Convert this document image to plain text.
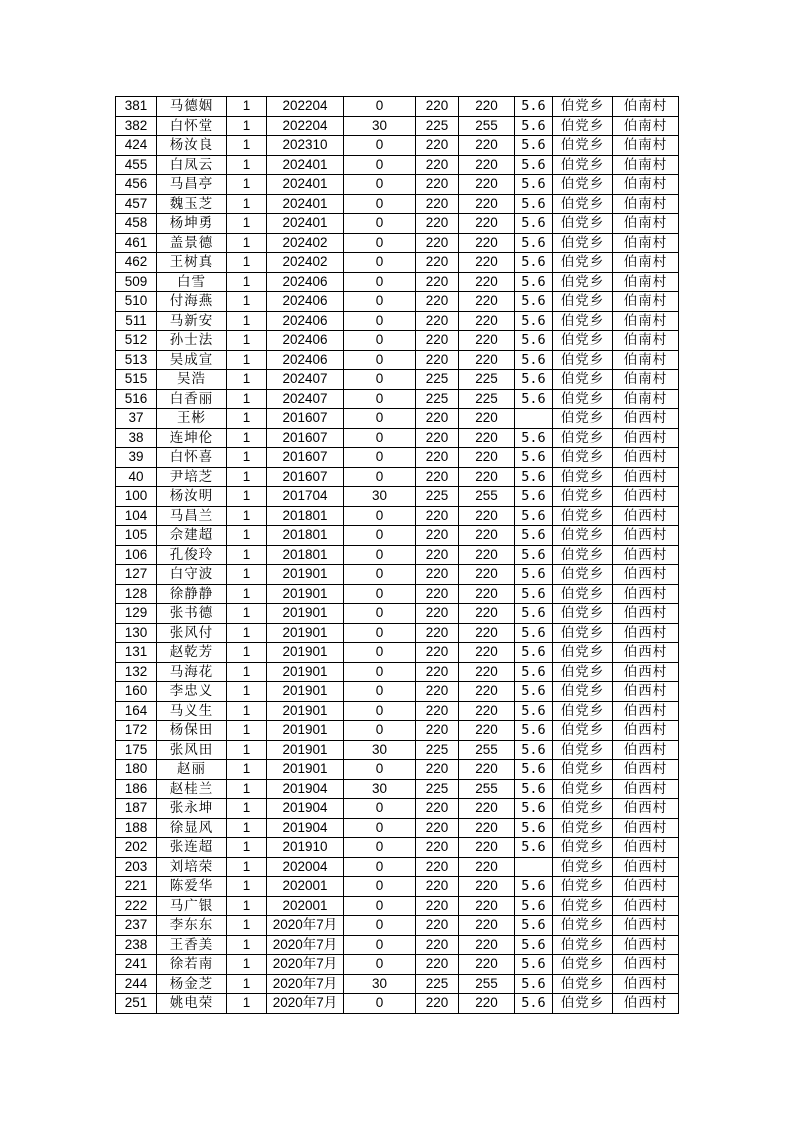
381	马德姻	1	202204	0	220	220	5.6	伯党乡	伯南村
382	白怀堂	1	202204	30	225	255	5.6	伯党乡	伯南村
424	杨汝良	1	202310	0	220	220	5.6	伯党乡	伯南村
455	白凤云	1	202401	0	220	220	5.6	伯党乡	伯南村
456	马昌亭	1	202401	0	220	220	5.6	伯党乡	伯南村
457	魏玉芝	1	202401	0	220	220	5.6	伯党乡	伯南村
458	杨坤勇	1	202401	0	220	220	5.6	伯党乡	伯南村
461	盖景德	1	202402	0	220	220	5.6	伯党乡	伯南村
462	王树真	1	202402	0	220	220	5.6	伯党乡	伯南村
509	白雪	1	202406	0	220	220	5.6	伯党乡	伯南村
510	付海燕	1	202406	0	220	220	5.6	伯党乡	伯南村
511	马新安	1	202406	0	220	220	5.6	伯党乡	伯南村
512	孙士法	1	202406	0	220	220	5.6	伯党乡	伯南村
513	吴成宣	1	202406	0	220	220	5.6	伯党乡	伯南村
515	吴浩	1	202407	0	225	225	5.6	伯党乡	伯南村
516	白香丽	1	202407	0	225	225	5.6	伯党乡	伯南村
37	王彬	1	201607	0	220	220		伯党乡	伯西村
38	连坤伦	1	201607	0	220	220	5.6	伯党乡	伯西村
39	白怀喜	1	201607	0	220	220	5.6	伯党乡	伯西村
40	尹培芝	1	201607	0	220	220	5.6	伯党乡	伯西村
100	杨汝明	1	201704	30	225	255	5.6	伯党乡	伯西村
104	马昌兰	1	201801	0	220	220	5.6	伯党乡	伯西村
105	佘建超	1	201801	0	220	220	5.6	伯党乡	伯西村
106	孔俊玲	1	201801	0	220	220	5.6	伯党乡	伯西村
127	白守波	1	201901	0	220	220	5.6	伯党乡	伯西村
128	徐静静	1	201901	0	220	220	5.6	伯党乡	伯西村
129	张书德	1	201901	0	220	220	5.6	伯党乡	伯西村
130	张风付	1	201901	0	220	220	5.6	伯党乡	伯西村
131	赵乾芳	1	201901	0	220	220	5.6	伯党乡	伯西村
132	马海花	1	201901	0	220	220	5.6	伯党乡	伯西村
160	李忠义	1	201901	0	220	220	5.6	伯党乡	伯西村
164	马义生	1	201901	0	220	220	5.6	伯党乡	伯西村
172	杨保田	1	201901	0	220	220	5.6	伯党乡	伯西村
175	张风田	1	201901	30	225	255	5.6	伯党乡	伯西村
180	赵丽	1	201901	0	220	220	5.6	伯党乡	伯西村
186	赵桂兰	1	201904	30	225	255	5.6	伯党乡	伯西村
187	张永坤	1	201904	0	220	220	5.6	伯党乡	伯西村
188	徐显风	1	201904	0	220	220	5.6	伯党乡	伯西村
202	张连超	1	201910	0	220	220	5.6	伯党乡	伯西村
203	刘培荣	1	202004	0	220	220		伯党乡	伯西村
221	陈爱华	1	202001	0	220	220	5.6	伯党乡	伯西村
222	马广银	1	202001	0	220	220	5.6	伯党乡	伯西村
237	李东东	1	2020年7月	0	220	220	5.6	伯党乡	伯西村
238	王香美	1	2020年7月	0	220	220	5.6	伯党乡	伯西村
241	徐若南	1	2020年7月	0	220	220	5.6	伯党乡	伯西村
244	杨金芝	1	2020年7月	30	225	255	5.6	伯党乡	伯西村
251	姚电荣	1	2020年7月	0	220	220	5.6	伯党乡	伯西村
